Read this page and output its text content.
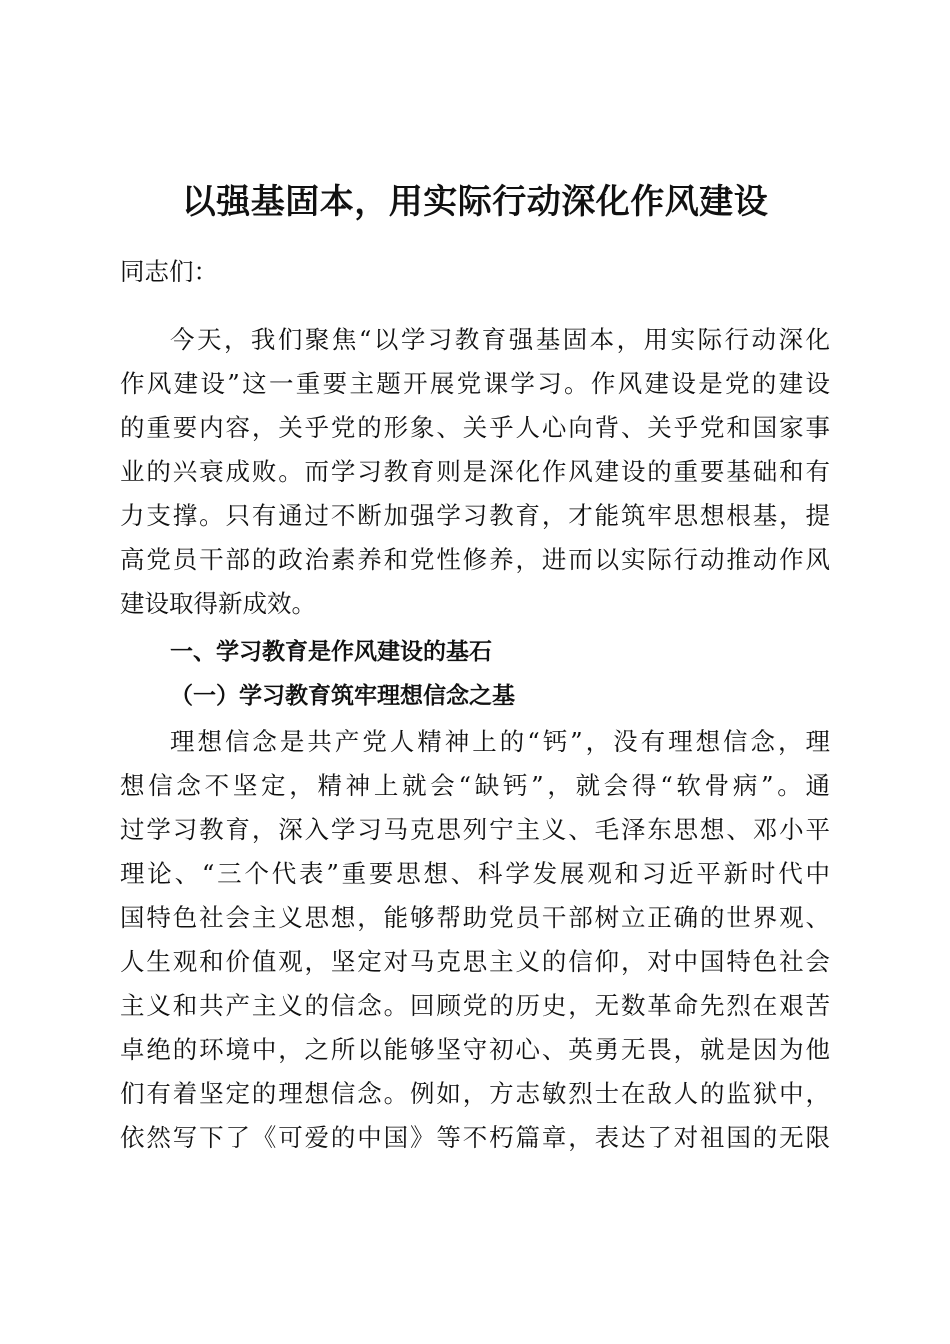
以强基固本，用实际行动深化作风建设

同志们：

今天，我们聚焦“以学习教育强基固本，用实际行动深化

作风建设”这一重要主题开展党课学习。作风建设是党的建设

的重要内容，关乎党的形象、关乎人心向背、关乎党和国家事

业的兴衰成败。而学习教育则是深化作风建设的重要基础和有

力支撑。只有通过不断加强学习教育，才能筑牢思想根基，提

高党员干部的政治素养和党性修养，进而以实际行动推动作风

建设取得新成效。

一、学习教育是作风建设的基石

（一）学习教育筑牢理想信念之基

理想信念是共产党人精神上的“钙”，没有理想信念，理

想信念不坚定，精神上就会“缺钙”，就会得“软骨病”。通

过学习教育，深入学习马克思列宁主义、毛泽东思想、邓小平

理论、“三个代表”重要思想、科学发展观和习近平新时代中

国特色社会主义思想，能够帮助党员干部树立正确的世界观、

人生观和价值观，坚定对马克思主义的信仰，对中国特色社会

主义和共产主义的信念。回顾党的历史，无数革命先烈在艰苦

卓绝的环境中，之所以能够坚守初心、英勇无畏，就是因为他

们有着坚定的理想信念。例如，方志敏烈士在敌人的监狱中，

依然写下了《可爱的中国》等不朽篇章，表达了对祖国的无限
